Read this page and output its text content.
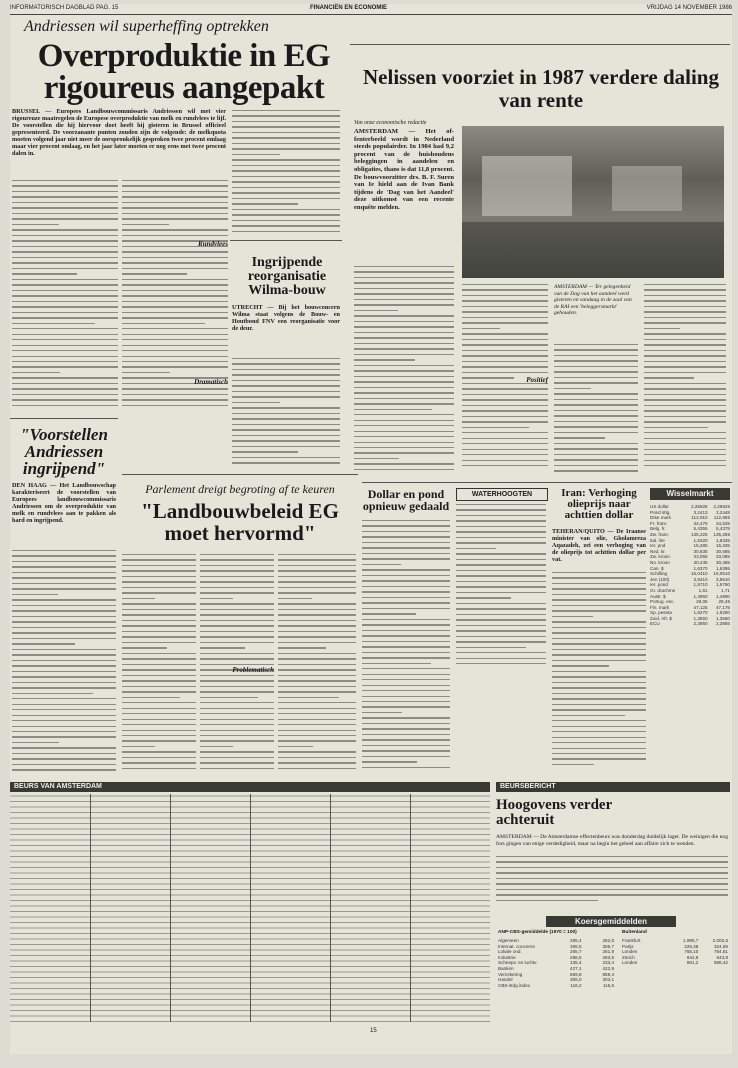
INFORMATORISCH DAGBLAD PAG. 15	FINANCIËN EN ECONOMIE	VRIJDAG 14 NOVEMBER 1986
Andriessen wil superheffing optrekken
Overproduktie in EG rigoureus aangepakt
BRUSSEL — Europees Landbouwcommissaris Andriessen wil met vier rigoureuze maatregelen de Europese overproduktie van melk en rundvlees te lijf. De voorstellen die hij hiervoor doet heeft hij gisteren in Brussel officieel gepresenteerd. De voorzanante punten zouden zijn de volgende: de melkquota moeten volgend jaar niet meer de oorspronkelijk gesproken twee procent omlaag maar vier procent omlaag, en het jaar later moeten er nog eens met twee procent dalen in.
Rundvlees
Dramatisch
Ingrijpende reorganisatie Wilma-bouw
UTRECHT — Bij het bouwconcern Wilma staat volgens de Bouw- en Houtbond FNV een reorganisatie voor de deur.
"Voorstellen Andriessen ingrijpend"
DEN HAAG — Het Landbouwschap karakteriseert de voorstellen van Europees landbouwcommissaris Andriessen om de overproduktie van melk en rundvlees aan te pakken als hard en ingrijpend.
Parlement dreigt begroting af te keuren
"Landbouwbeleid EG moet hervormd"
Problematisch
Nelissen voorziet in 1987 verdere daling van rente
Van onze economische redactie
AMSTERDAM — Het of-fenterbeeld wordt in Nederland steeds populairder. In 1984 had 9,2 procent van de huishoudens beleggingen in aandelen en obligaties, thans is dat 11,8 procent. De bouwvoorzitter drs. B. F. Suren van Ie hield aan de Ivan Bank tijdens de 'Dag van het Aandeel' deze uitkomst van een recente enquête melden.
AMSTERDAM — Ter gelegenheid van de Dag van het aandeel werd gisteren en vandaag in de zaal van de RAI een 'beleggersmarkt' gehouden.
Positief
Dollar en pond opnieuw gedaald
WATERHOOGTEN	Iran: Verhoging olieprijs naar achttien dollar
TEHERAN/QUITO — De Iraanse minister van olie, Gholamreza Aqazadeh, zei een verhoging van de olieprijs tot achttien dollar per vat.
Wisselmarkt
US dollar	2,26825	2,26825
Pond stlg.	3,2413	3,2448
Dtse mark	112,910	112,965
Fr. franc	34,475	34,525
Belg. fr.	5,4355	5,4375
Zw. franc	135,225	135,285
Ital. lire	1,6320	1,6345
Ier. pnd	15,285	15,335
Ned. kr.	30,635	30,685
Zw. kroon	33,055	33,085
No. kroon	30,435	30,465
Can. $	1,6370	1,6395
Schilling	16,0410	16,0510
Jen (100)	3,9310	3,9510
Ier. pond	1,5710	1,5760
Gr. drachme	1,61	1,71
Austr. $	1,4950	1,4990
Portug. esc.	29,05	29,45
Fin. mark	47,125	47,175
Sp. peseta	1,5270	1,5260
Zuid. Afr. $	1,3550	1,3560
ECU	2,3950	2,3955
BEURS VAN AMSTERDAM	BEURSBERICHT
Hoogovens verder achteruit
AMSTERDAM — De Amsterdamse effectenbeurs was donderdag duidelijk lager. De weinigen die nog fors gingen van enige verdedigheid, maar na begin het geheel aan affaire zich te wenden.
Koersgemiddelden
ANP-CBS-gemiddelde (1970 = 100)
Algemeen	285,4	282,6
Internat. concerns	306,5	306,7
Lokale ond.	265,7	261,8
Industrie	286,5	283,5
Scheepv. en luchtv.	235,4	233,4
Banken	427,1	422,9
Verzekering	869,8	859,4
Handel	306,0	303,1
CBS-stdg index	116,2	115,6
Buitenland
Frankfurt	1.995,7	2.002,6
Parijs	325,48	324,59
Londen	765,10	764,81
Zürich	642,9	643,8
Londen	881,2	886,42
15
